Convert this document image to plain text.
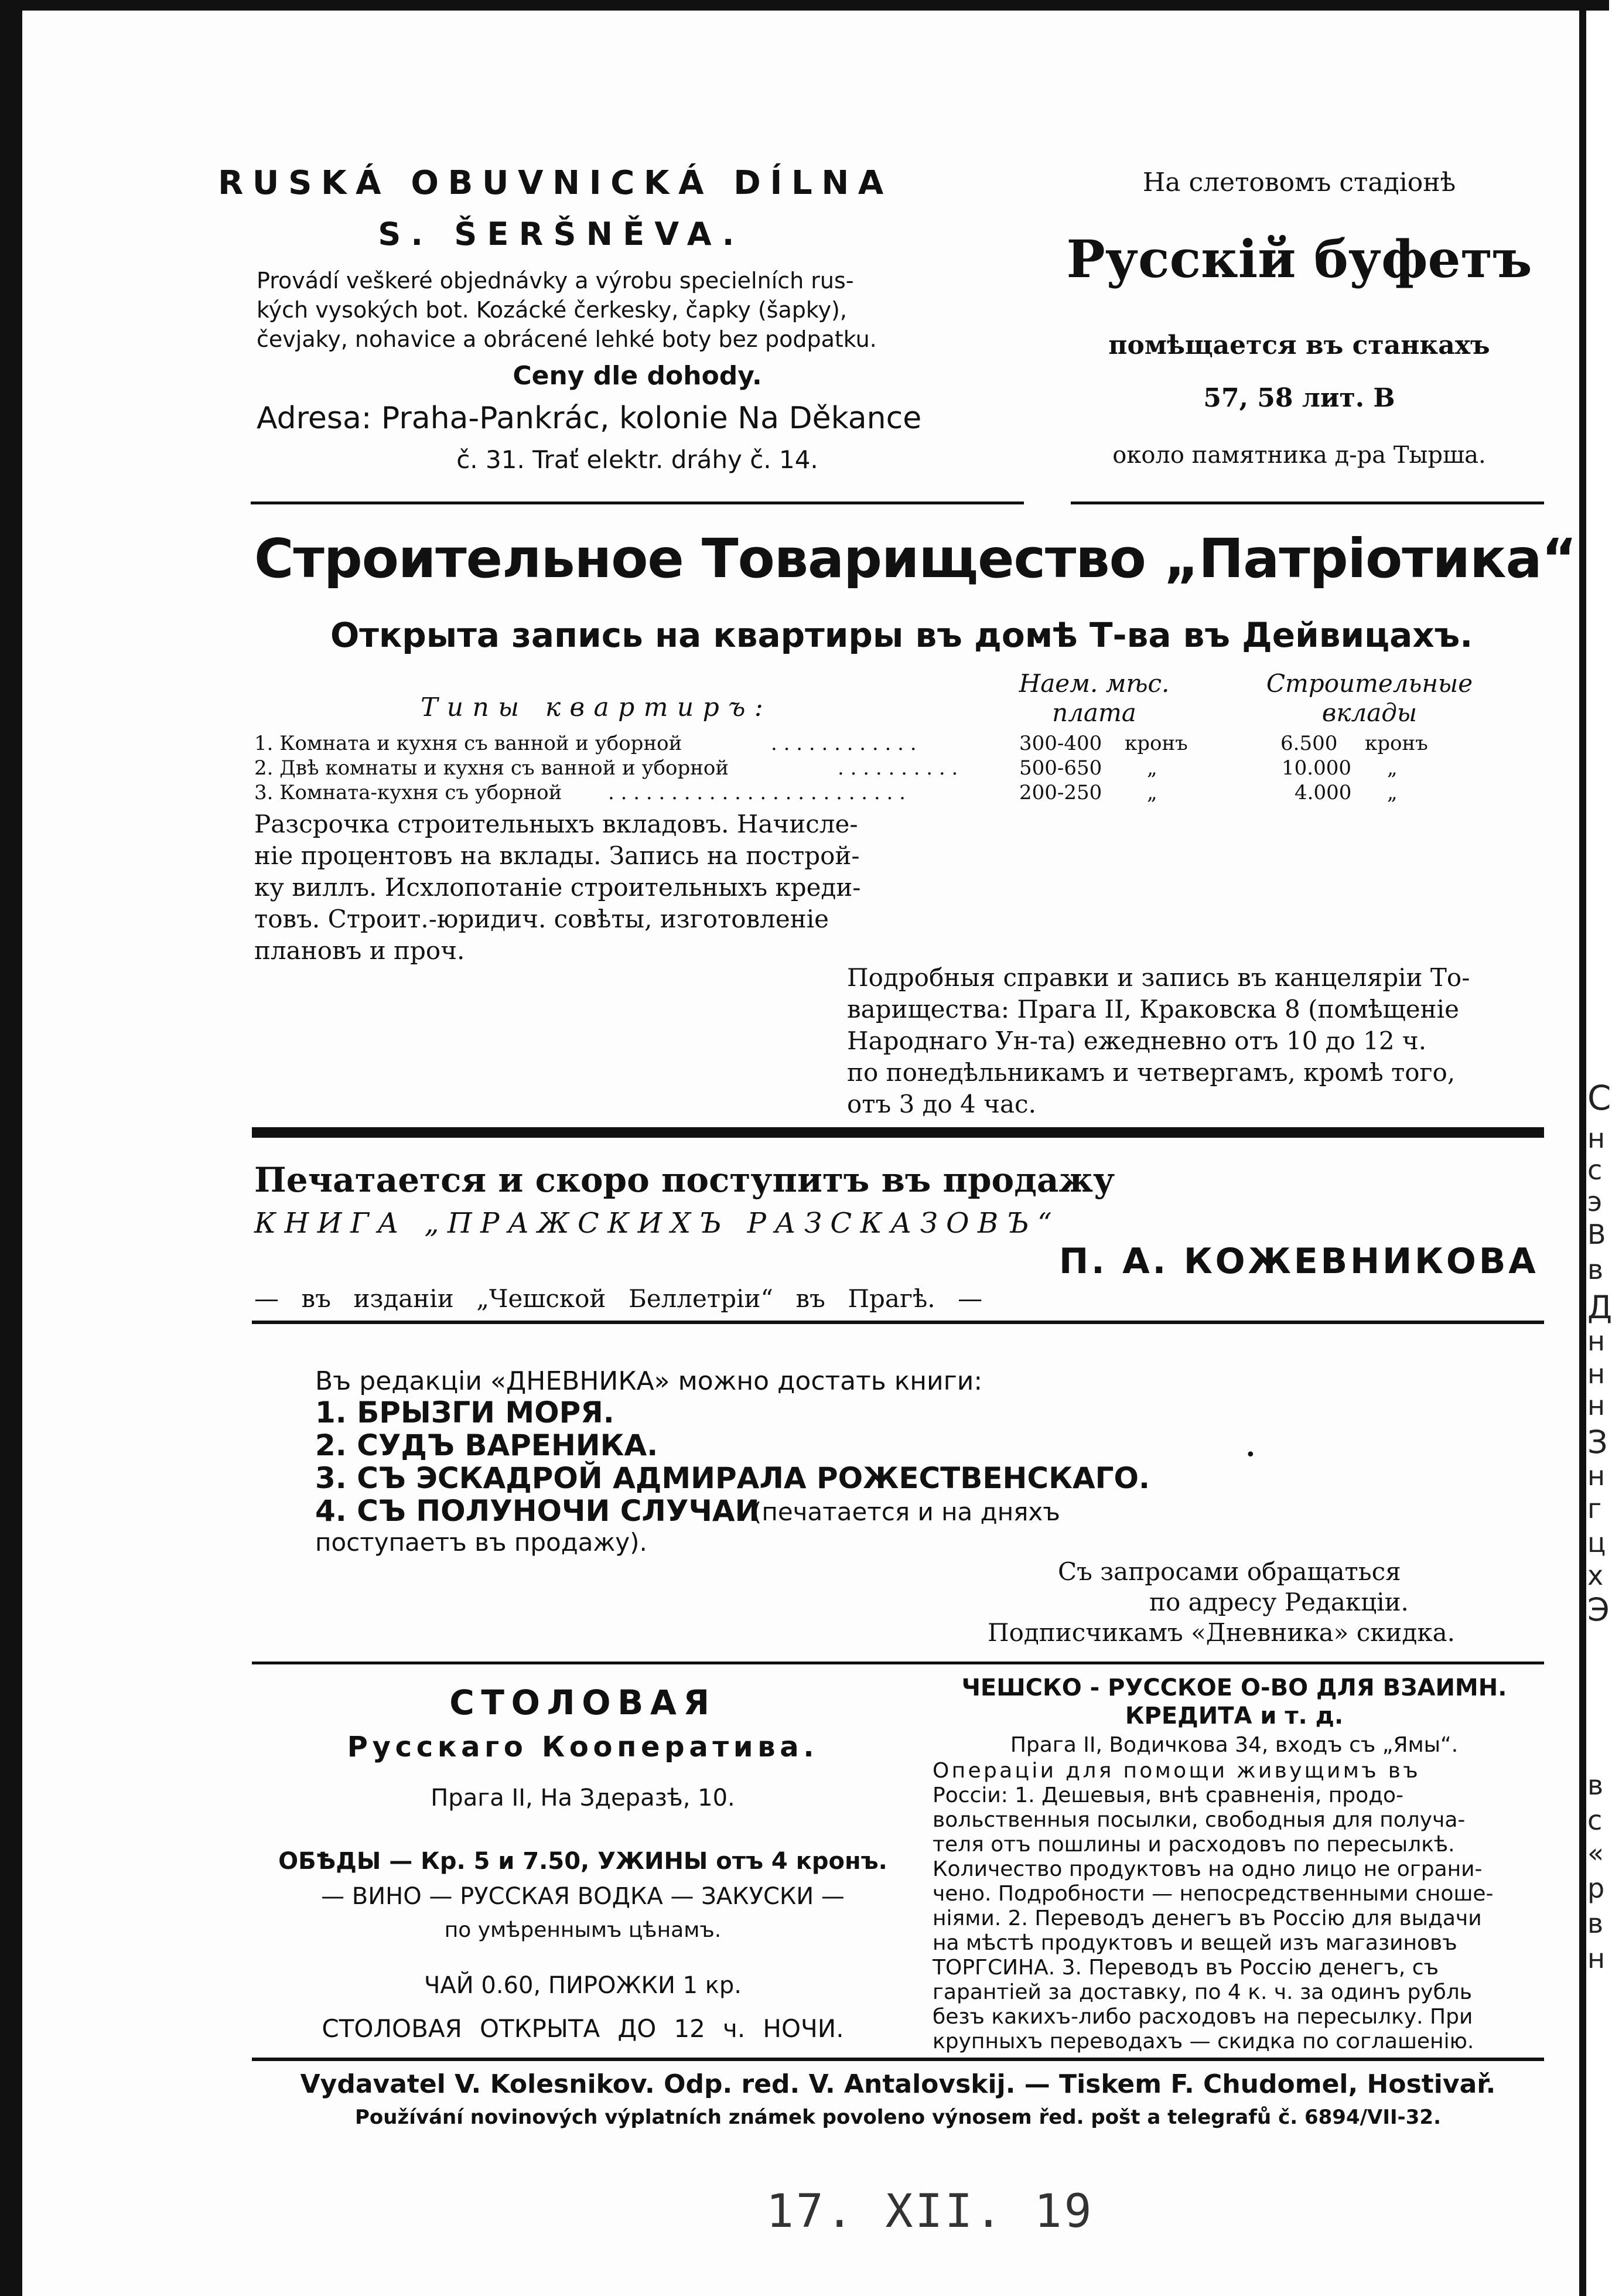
RUSKÁ OBUVNICKÁ DÍLNA
S. ŠERŠNĚVA.
Provádí veškeré objednávky a výrobu specielních rus-
kých vysokých bot. Kozácké čerkesky, čapky (šapky),
čevjaky, nohavice a obrácené lehké boty bez podpatku.
Ceny dle dohody.
Adresa: Praha-Pankrác, kolonie Na Děkance
č. 31. Trať elektr. dráhy č. 14.
На слетовомъ стадіонѣ
Русскій буфетъ
помѣщается въ станкахъ
57, 58 лит. В
около памятника д-ра Тырша.
Строительное Товарищество „Патріотика“
Открыта запись на квартиры въ домѣ Т-ва въ Дейвицахъ.
Типы квартиръ:
Наем. мѣс.
плата
Строительные
вклады
1. Комната и кухня съ ванной и уборной	. . . . . . . . . . . .	300-400 кронъ	6.500 кронъ
2. Двѣ комнаты и кухня съ ванной и уборной	. . . . . . . . . .	500-650 „	10.000 „
3. Комната-кухня съ уборной . . . . . . . . . . . . . . . . . . . . . . . .	200-250 „	4.000 „
Разсрочка строительныхъ вкладовъ. Начисле-
ніе процентовъ на вклады. Запись на построй-
ку виллъ. Исхлопотаніе строительныхъ креди-
товъ. Строит.-юридич. совѣты, изготовленіе
плановъ и проч.
Подробныя справки и запись въ канцеляріи То-
варищества: Прага II, Краковска 8 (помѣщеніе
Народнаго Ун-та) ежедневно отъ 10 до 12 ч.
по понедѣльникамъ и четвергамъ, кромѣ того,
отъ 3 до 4 час.
Печатается и скоро поступитъ въ продажу
КНИГА „ПРАЖСКИХЪ РАЗСКАЗОВЪ“
П. А. КОЖЕВНИКОВА
— въ изданіи „Чешской Беллетріи“ въ Прагѣ. —
Въ редакціи «ДНЕВНИКА» можно достать книги:
1. БРЫЗГИ МОРЯ.
2. СУДЪ ВАРЕНИКА.
3. СЪ ЭСКАДРОЙ АДМИРАЛА РОЖЕСТВЕНСКАГО.
4. СЪ ПОЛУНОЧИ СЛУЧАИ
(печатается и на дняхъ
поступаетъ въ продажу).
Съ запросами обращаться
по адресу Редакціи.
Подписчикамъ «Дневника» скидка.
СТОЛОВАЯ
Русскаго Кооператива.
Прага II, На Здеразѣ, 10.
ОБѢДЫ — Кр. 5 и 7.50, УЖИНЫ отъ 4 кронъ.
— ВИНО — РУССКАЯ ВОДКА — ЗАКУСКИ —
по умѣреннымъ цѣнамъ.
ЧАЙ 0.60, ПИРОЖКИ 1 кр.
СТОЛОВАЯ ОТКРЫТА ДО 12 ч. НОЧИ.
ЧЕШСКО - РУССКОЕ О-ВО ДЛЯ ВЗАИМН.
КРЕДИТА и т. д.
Прага II, Водичкова 34, входъ съ „Ямы“.
Операціи для помощи живущимъ въ
Россіи: 1. Дешевыя, внѣ сравненія, продо-
вольственныя посылки, свободныя для получа-
теля отъ пошлины и расходовъ по пересылкѣ.
Количество продуктовъ на одно лицо не ограни-
чено. Подробности — непосредственными сноше-
ніями. 2. Переводъ денегъ въ Россію для выдачи
на мѣстѣ продуктовъ и вещей изъ магазиновъ
ТОРГСИНА. 3. Переводъ въ Россію денегъ, съ
гарантіей за доставку, по 4 к. ч. за одинъ рубль
безъ какихъ-либо расходовъ на пересылку. При
крупныхъ переводахъ — скидка по соглашенію.
Vydavatel V. Kolesnikov. Odp. red. V. Antalovskij. — Tiskem F. Chudomel, Hostivař.
Používání novinových výplatních známek povoleno výnosem řed. pošt a telegrafů č. 6894/VII-32.
17. XII. 19
•
С
н
с
э
В
в
Д
н
н
н
З
н
г
ц
х
Э
в
с
«
р
в
н
